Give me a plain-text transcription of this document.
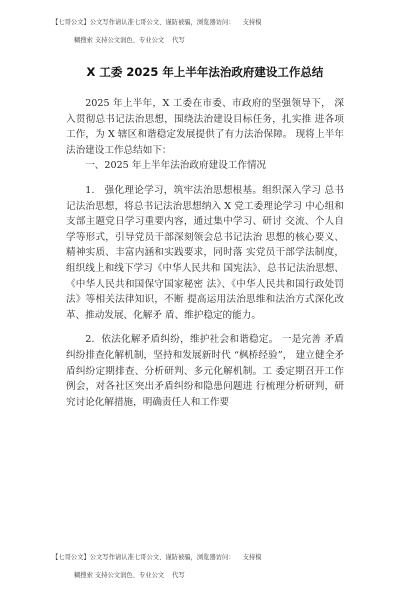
【七哥公文】公文写作请认准七哥公文、谨防被骗，浏览器访问：    支持模

糊搜索 支持公文润色、专业公文    代写

X 工委 2025 年上半年法治政府建设工作总结

2025 年上半年，X 工委在市委、市政府的坚强领导下， 深入贯彻总书记法治思想，围绕法治建设目标任务，扎实推 进各项工作，为 X 辖区和谐稳定发展提供了有力法治保障。 现将上半年法治建设工作总结如下：

一、2025 年上半年法治政府建设工作情况

1． 强化理论学习，筑牢法治思想根基。组织深入学习 总书记法治思想，将总书记法治思想纳入 X 党工委理论学习 中心组和支部主题党日学习重要内容，通过集中学习、研讨 交流、个人自学等形式，引导党员干部深刻领会总书记法治 思想的核心要义、精神实质、丰富内涵和实践要求，同时落 实党员干部学法制度，组织线上和线下学习《中华人民共和 国宪法》、总书记法治思想、《中华人民共和国保守国家秘密 法》、《中华人民共和国行政处罚法》等相关法律知识，不断 提高运用法治思维和法治方式深化改革、推动发展、化解矛 盾、维护稳定的能力。

2．依法化解矛盾纠纷，维护社会和谐稳定。 一是完善 矛盾纠纷排查化解机制，坚持和发展新时代 “枫桥经验”， 建立健全矛盾纠纷定期排查、分析研判、多元化解机制。工 委定期召开工作例会，对各社区突出矛盾纠纷和隐患问题进 行梳理分析研判，研究讨论化解措施，明确责任人和工作要

【七哥公文】公文写作请认准七哥公文、谨防被骗，浏览器访问：    支持模

糊搜索 支持公文润色、专业公文    代写
